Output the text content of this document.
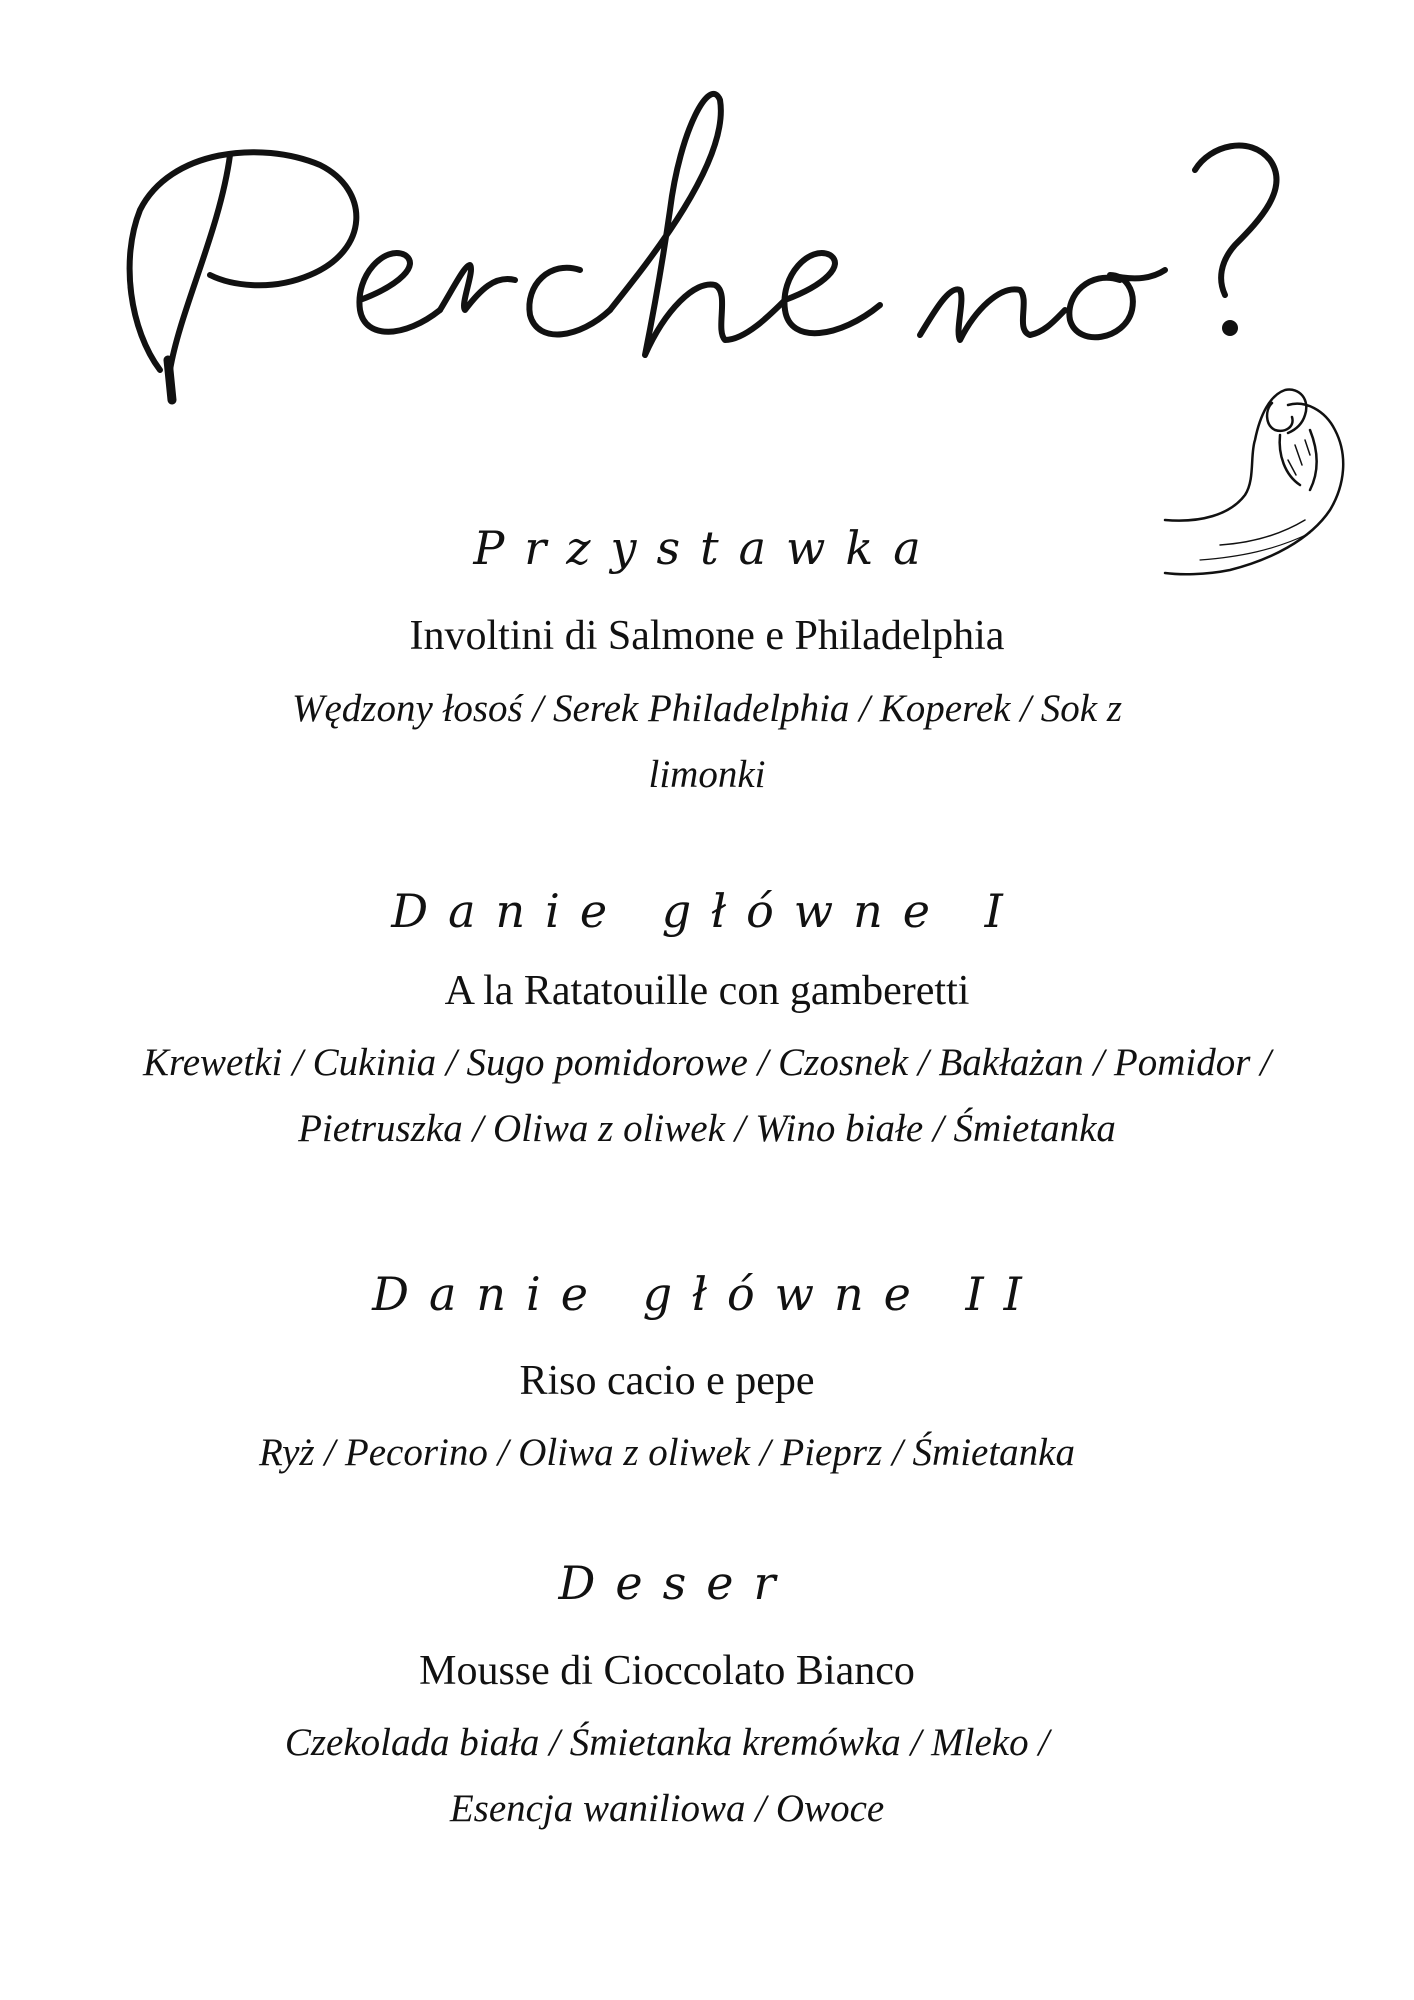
Przystawka

Involtini di Salmone e Philadelphia

Wędzony łosoś / Serek Philadelphia / Koperek / Sok z limonki

Danie główne I

A la Ratatouille con gamberetti

Krewetki / Cukinia / Sugo pomidorowe / Czosnek / Bakłażan / Pomidor / Pietruszka / Oliwa z oliwek / Wino białe / Śmietanka

Danie główne II

Riso cacio e pepe

Ryż / Pecorino / Oliwa z oliwek / Pieprz / Śmietanka

Deser

Mousse di Cioccolato Bianco

Czekolada biała / Śmietanka kremówka / Mleko / Esencja waniliowa / Owoce
